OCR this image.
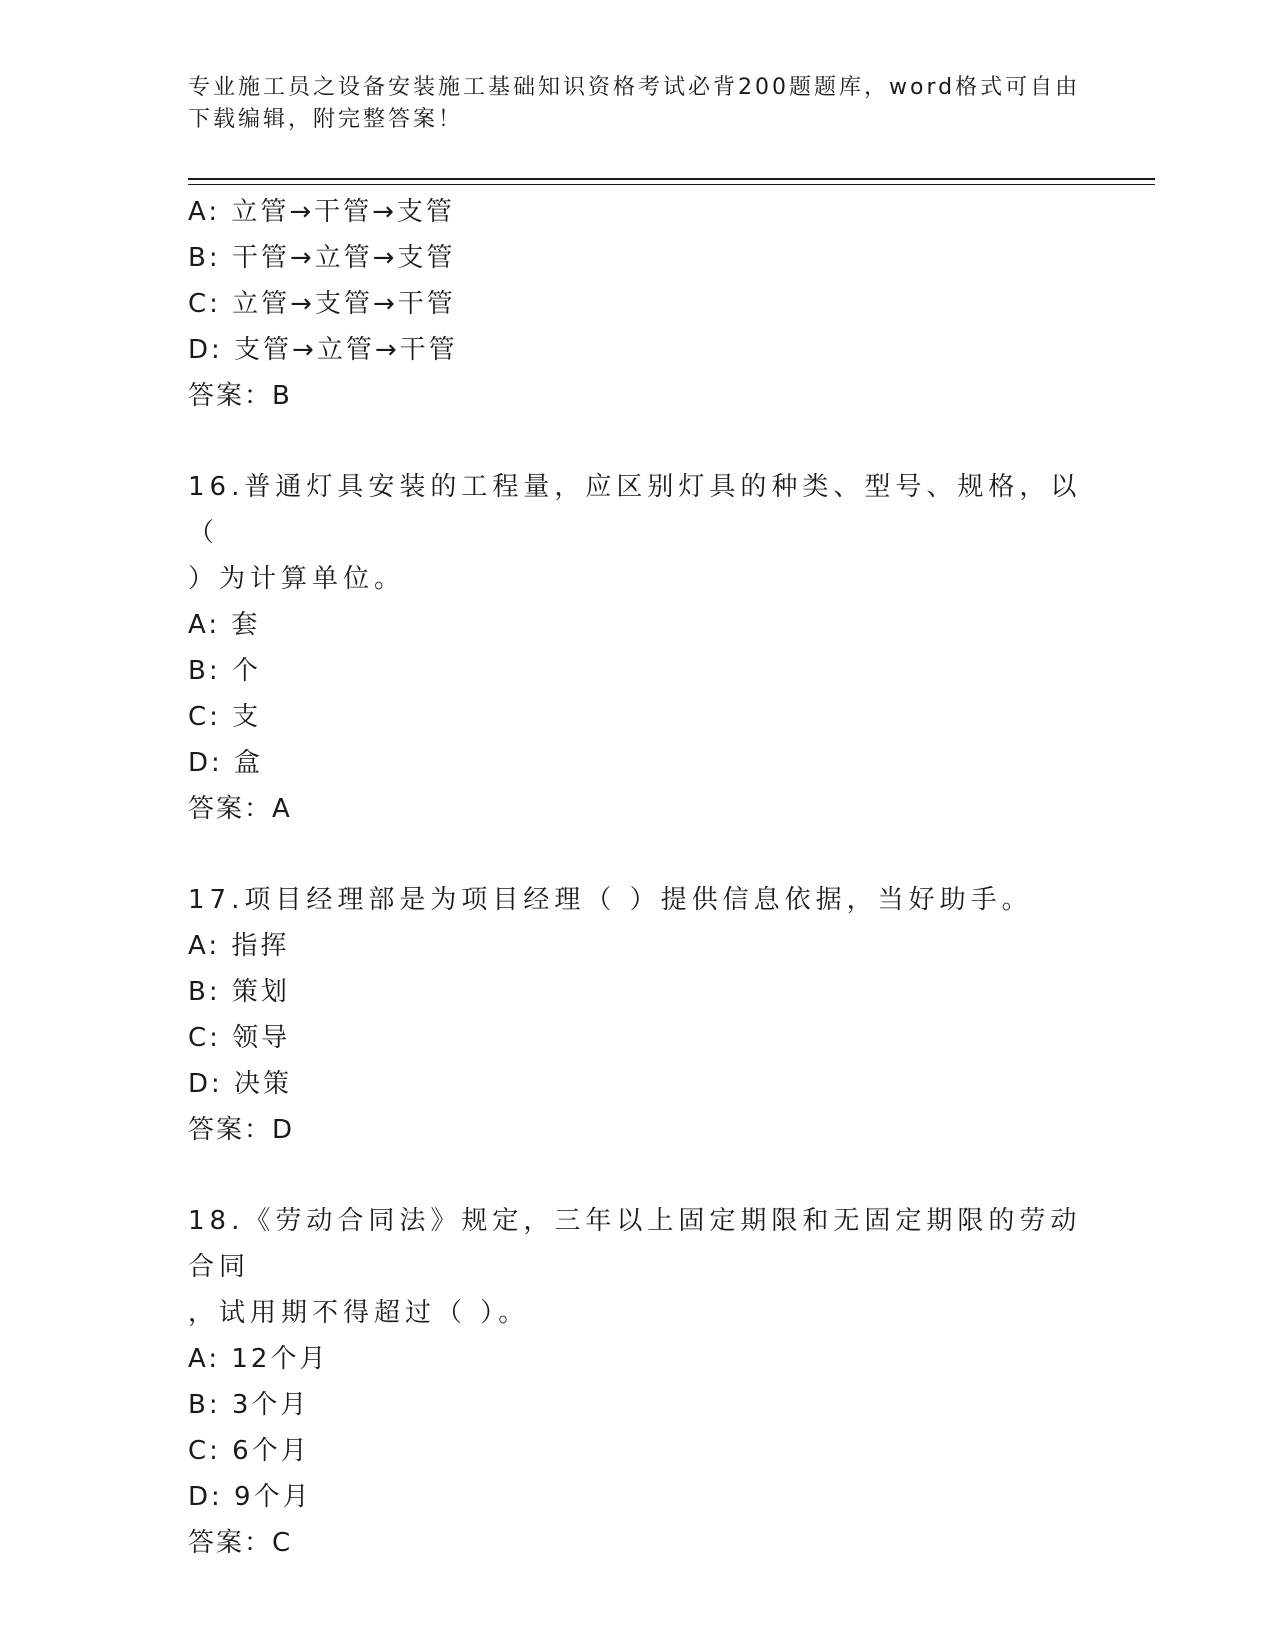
专业施工员之设备安装施工基础知识资格考试必背200题题库，word格式可自由
下载编辑，附完整答案！
A: 立管→干管→支管
B: 干管→立管→支管
C: 立管→支管→干管
D: 支管→立管→干管
答案：B
16.普通灯具安装的工程量，应区别灯具的种类、型号、规格，以（
）为计算单位。
A: 套
B: 个
C: 支
D: 盒
答案：A
17.项目经理部是为项目经理（ ）提供信息依据，当好助手。
A: 指挥
B: 策划
C: 领导
D: 决策
答案：D
18.《劳动合同法》规定，三年以上固定期限和无固定期限的劳动合同
，试用期不得超过（ ）。
A: 12个月
B: 3个月
C: 6个月
D: 9个月
答案：C
